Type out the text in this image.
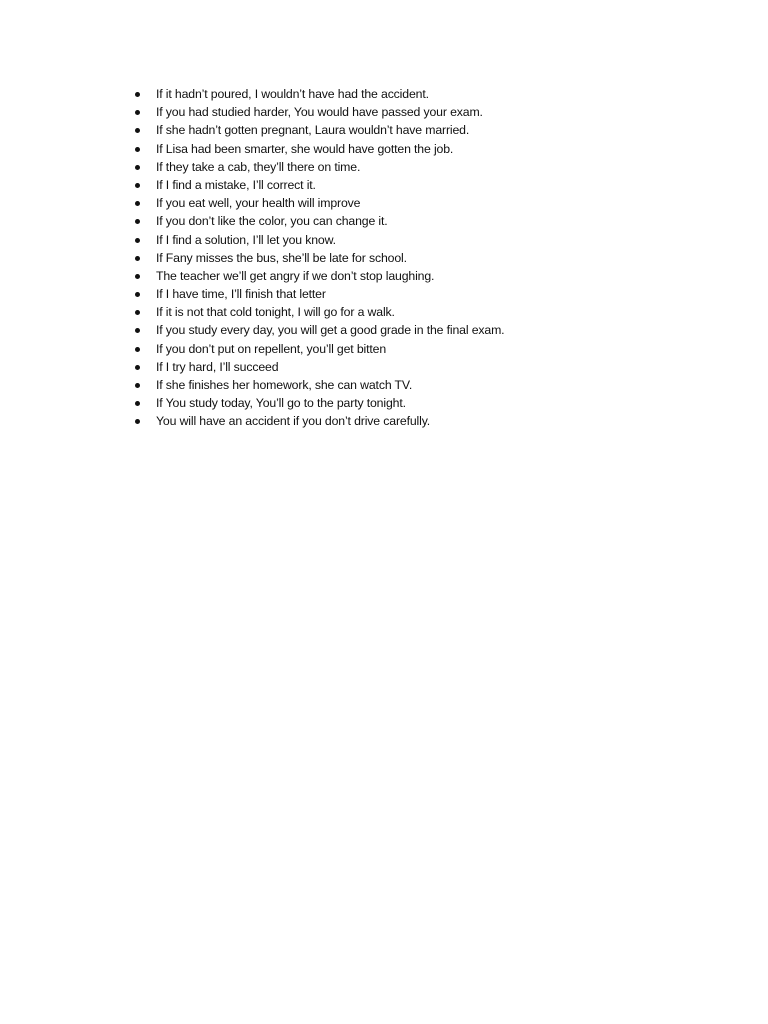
If it hadn’t poured, I wouldn’t have had the accident.
If you had studied harder, You would have passed your exam.
If she hadn’t gotten pregnant, Laura wouldn’t have married.
If Lisa had been smarter, she would have gotten the job.
If they take a cab, they’ll there on time.
If I find a mistake, I’ll correct it.
If you eat well, your health will improve
If you don’t like the color, you can change it.
If I find a solution, I’ll let you know.
If Fany misses the bus, she’ll be late for school.
The teacher we’ll get angry if we don’t stop laughing.
If I have time, I’ll finish that letter
If it is not that cold tonight, I will go for a walk.
If you study every day, you will get a good grade in the final exam.
If you don’t put on repellent, you’ll get bitten
If I try hard, I’ll succeed
If she finishes her homework, she can watch TV.
If You study today, You’ll go to the party tonight.
You will have an accident if you don’t drive carefully.
